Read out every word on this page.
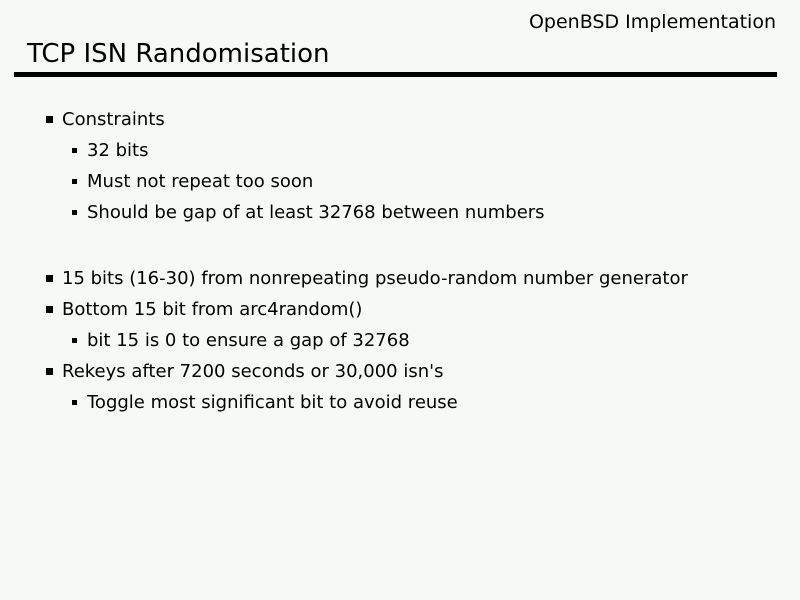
OpenBSD Implementation
TCP ISN Randomisation
Constraints
32 bits
Must not repeat too soon
Should be gap of at least 32768 between numbers
15 bits (16-30) from nonrepeating pseudo-random number generator
Bottom 15 bit from arc4random()
bit 15 is 0 to ensure a gap of 32768
Rekeys after 7200 seconds or 30,000 isn's
Toggle most significant bit to avoid reuse
